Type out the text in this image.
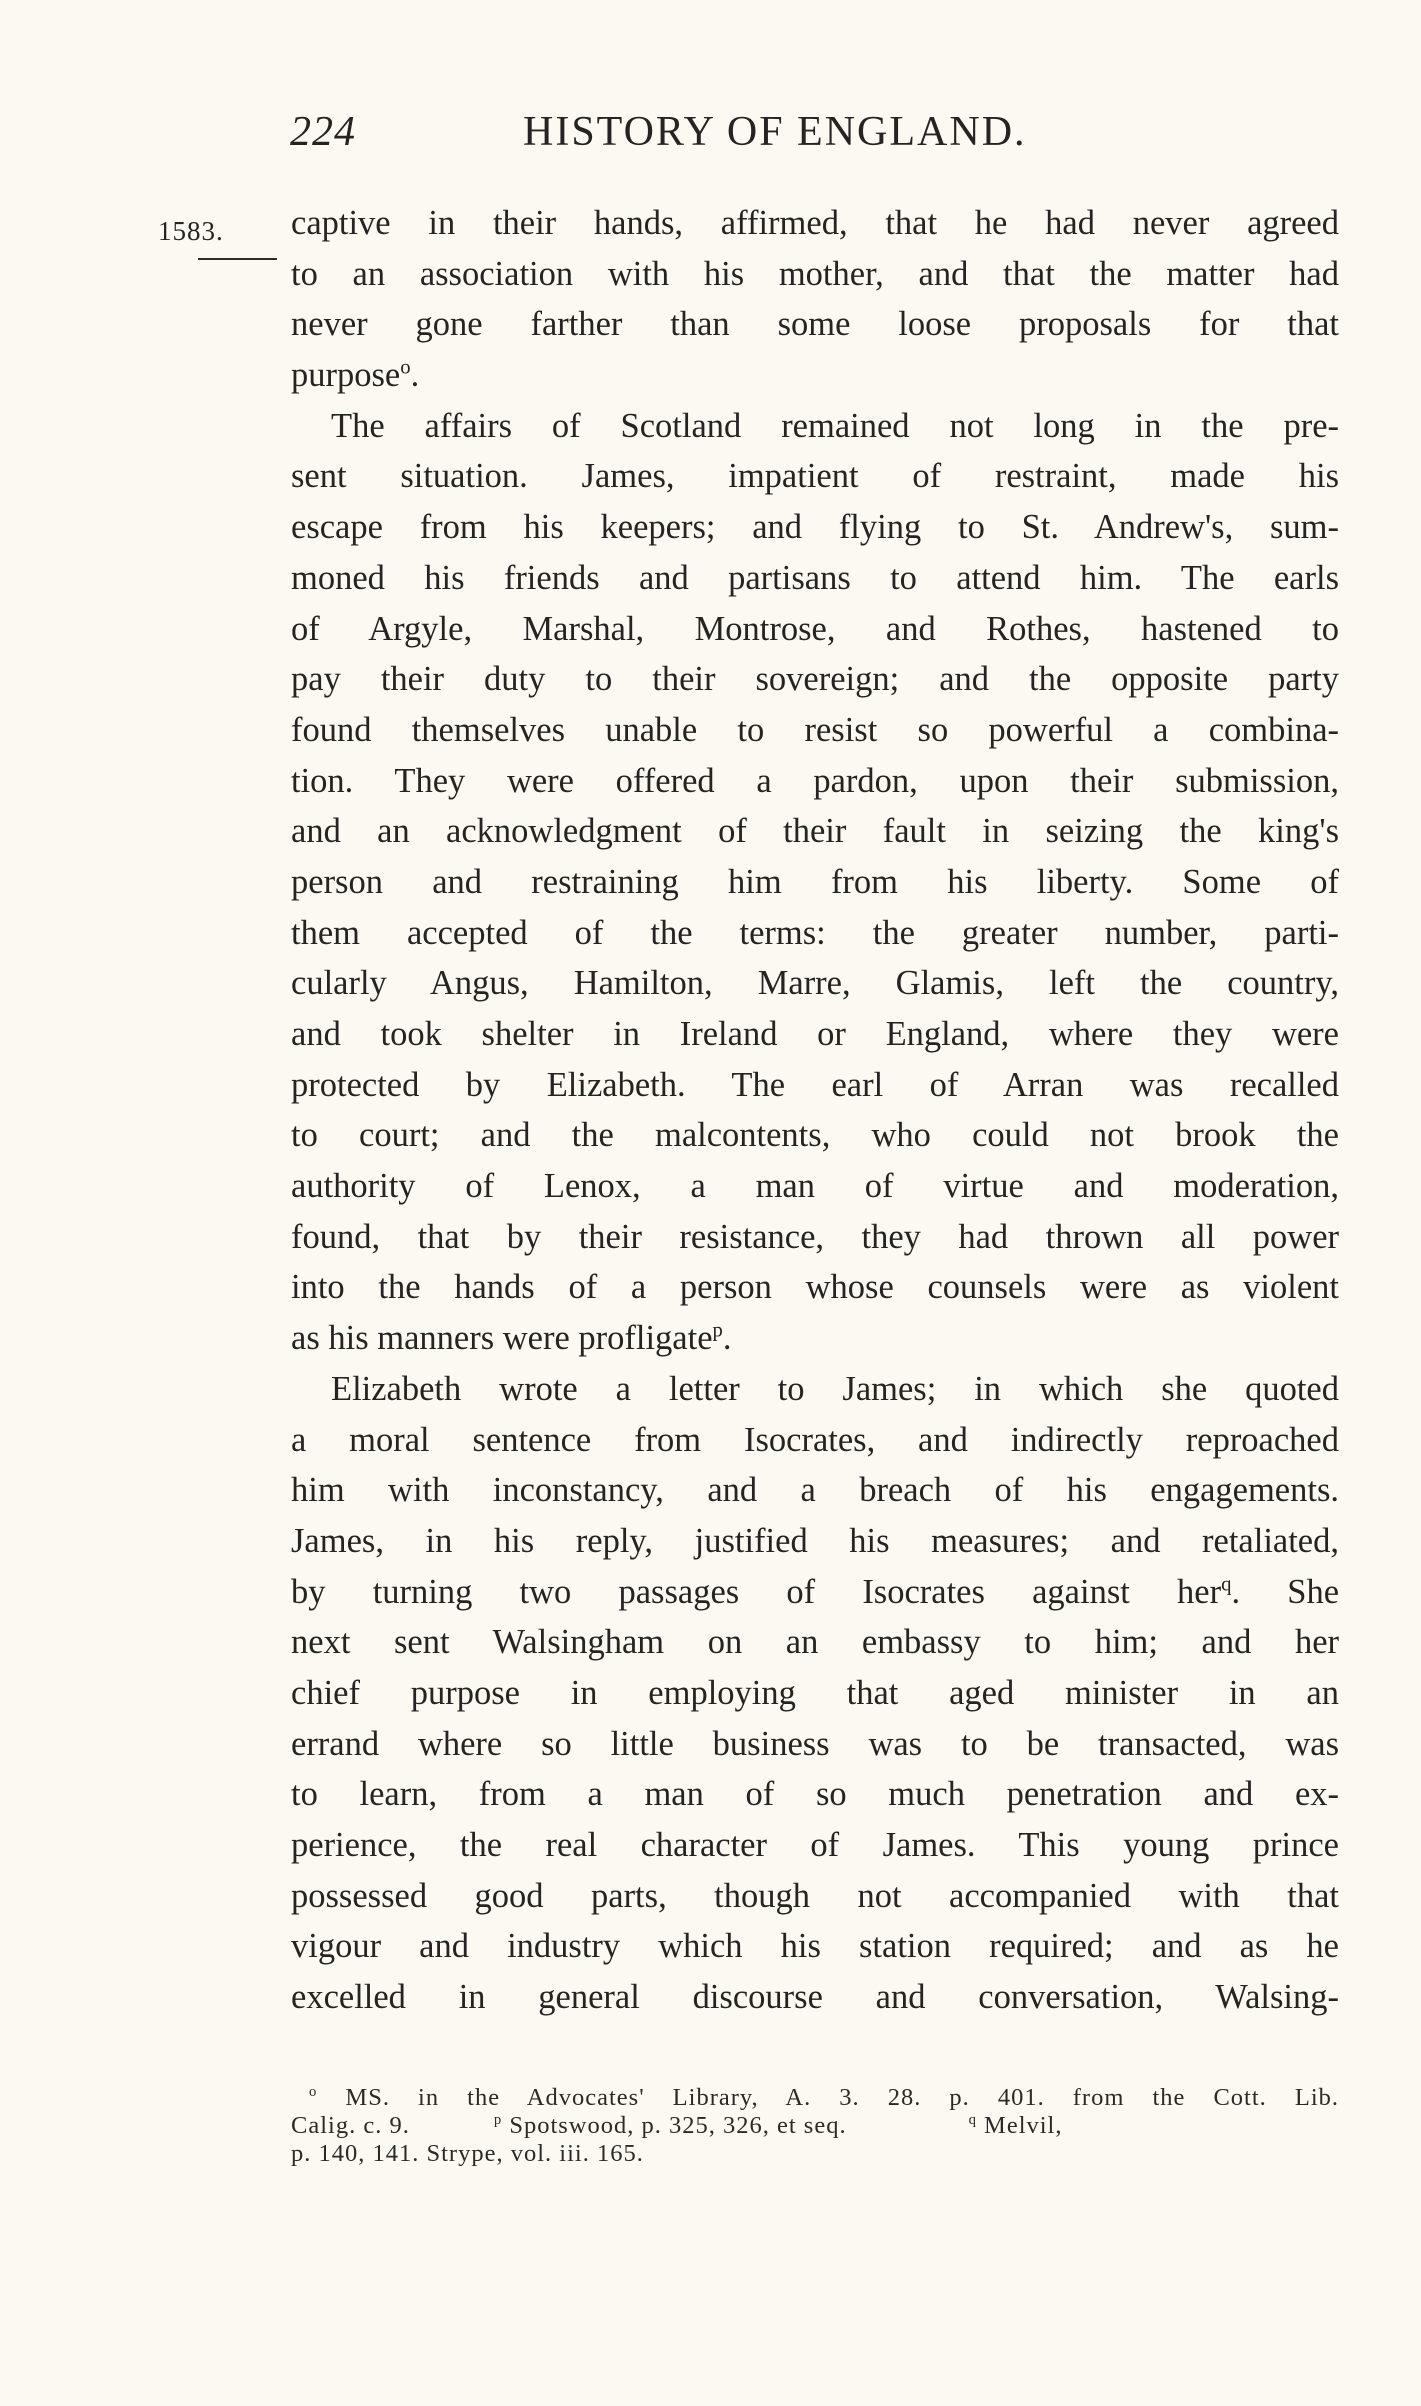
224	HISTORY OF ENGLAND.
1583. captive in their hands, affirmed, that he had never agreed
to an association with his mother, and that the matter had
never gone farther than some loose proposals for that
purpose$^o$.
The affairs of Scotland remained not long in the pre-
sent situation. James, impatient of restraint, made his
escape from his keepers; and flying to St. Andrew's, sum-
moned his friends and partisans to attend him. The earls
of Argyle, Marshal, Montrose, and Rothes, hastened to
pay their duty to their sovereign; and the opposite party
found themselves unable to resist so powerful a combina-
tion. They were offered a pardon, upon their submission,
and an acknowledgment of their fault in seizing the king's
person and restraining him from his liberty. Some of
them accepted of the terms: the greater number, parti-
cularly Angus, Hamilton, Marre, Glamis, left the country,
and took shelter in Ireland or England, where they were
protected by Elizabeth. The earl of Arran was recalled
to court; and the malcontents, who could not brook the
authority of Lenox, a man of virtue and moderation,
found, that by their resistance, they had thrown all power
into the hands of a person whose counsels were as violent
as his manners were profligate$^p$.
Elizabeth wrote a letter to James; in which she quoted
a moral sentence from Isocrates, and indirectly reproached
him with inconstancy, and a breach of his engagements.
James, in his reply, justified his measures; and retaliated,
by turning two passages of Isocrates against her$^q$. She
next sent Walsingham on an embassy to him; and her
chief purpose in employing that aged minister in an
errand where so little business was to be transacted, was
to learn, from a man of so much penetration and ex-
perience, the real character of James. This young prince
possessed good parts, though not accompanied with that
vigour and industry which his station required; and as he
excelled in general discourse and conversation, Walsing-
$^o$ MS. in the Advocates' Library, A. 3. 28. p. 401. from the Cott. Lib.
Calig. c. 9.	$^p$ Spotswood, p. 325, 326, et seq.	$^q$ Melvil,
p. 140, 141. Strype, vol. iii. 165.
